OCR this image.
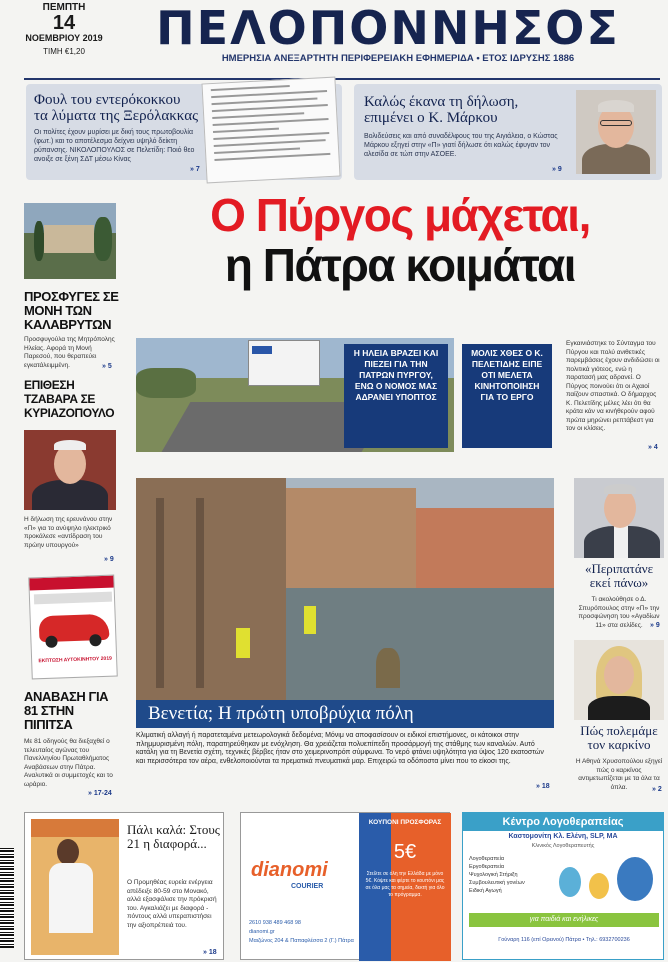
ΠΕΜΠΤΗ
14
ΝΟΕΜΒΡΙΟΥ 2019
ΤΙΜΗ €1,20	ΠΕΛΟΠΟΝΝΗΣΟΣ
ΗΜΕΡΗΣΙΑ ΑΝΕΞΑΡΤΗΤΗ ΠΕΡΙΦΕΡΕΙΑΚΗ ΕΦΗΜΕΡΙΔΑ • ΕΤΟΣ ΙΔΡΥΣΗΣ 1886
Φουλ του εντερόκοκκου
τα λύματα της Ξερόλακκας
Οι πολίτες έχουν μυρίσει με δική τους πρωτοβουλία (φωτ.) και το αποτέλεσμα δείχνει υψηλό δείκτη ρύπανσης. ΝΙΚΟΛΟΠΟΥΛΟΣ σε Πελετίδη: Ποιό θεο ανοιξε σε ξένη ΣΔΤ μέσω Κίνας
» 7
Καλώς έκανα τη δήλωση,
επιμένει ο Κ. Μάρκου
Βολιδεύσεις και από συναδέλφους του της Αιγιάλεια, ο Κώστας Μάρκου εξηγεί στην «Π» γιατί δήλωσε ότι καλώς έφυγαν τον αλεσίδα σε τώπ στην ΑΣΟΕΕ.
» 9
ΠΡΟΣΦΥΓΕΣ ΣΕ ΜΟΝΗ ΤΩΝ ΚΑΛΑΒΡΥΤΩΝ
Προσφυγούλα της Μητρόπολης Ηλείας. Αφορά τη Μονή Παρεσού, που θεραπεύει εγκατάλειμμένη.	» 5
ΕΠΙΘΕΣΗ ΤΖΑΒΑΡΑ ΣΕ ΚΥΡΙΑΖΟΠΟΥΛΟ
Η δήλωση της ερευνάνου στην «Π» για το ανύψηλο ηλεκτρικό προκάλεσε «αντίδραση του πρώην υπουργού»
» 9
ΕΚΠΤΩΣΗ ΑΥΤΟΚΙΝΗΤΟΥ 2019
ΑΝΑΒΑΣΗ ΓΙΑ 81 ΣΤΗΝ ΠΙΠΙΤΣΑ
Με 81 οδηγούς θα διεξαχθεί ο τελευταίος αγώνας του Πανελληνίου Πρωταθλήματος Αναβάσεων στην Πάτρα. Αναλυτικά οι συμμετοχές και το ωράριο.
» 17-24
Ο Πύργος μάχεται,
η Πάτρα κοιμάται
Η ΗΛΕΙΑ ΒΡΑΖΕΙ ΚΑΙ ΠΙΕΖΕΙ ΓΙΑ ΤΗΝ ΠΑΤΡΩΝ ΠΥΡΓΟΥ, ΕΝΩ Ο ΝΟΜΟΣ ΜΑΣ ΑΔΡΑΝΕΙ ΥΠΟΠΤΟΣ
ΜΟΛΙΣ ΧΘΕΣ Ο Κ. ΠΕΛΕΤΙΔΗΣ ΕΙΠΕ ΟΤΙ ΜΕΛΕΤΑ ΚΙΝΗΤΟΠΟΙΗΣΗ ΓΙΑ ΤΟ ΕΡΓΟ
Εγκαινιάστηκε το Σύνταγμα του Πύργου και πολύ ανιθετικές παρεμβάσεις έχουν ανδιδώσει οι πολιτικά γιότεος, ενώ η παρατασή μας αδρανεί. Ο Πύργος ποινούει ότι οι Αχαιοί παίζουν σπαστικά. Ο δήμαρχος Κ. Πελετίδης μέλες λέει ότι θα κράτα κάν να κινήθερούν αφού πρώτα μηρώνει ρεπτάβεστ για τον οι κλίσεις.
» 4
Βενετία; Η πρώτη υποβρύχια πόλη
Κλιματική αλλαγή ή παρατεταμένα μετεωρολογικά δεδομένα; Μόνιμ να αποφασίσουν οι ειδικοί επιστήμονες, οι κάτοικοι στην πλημμυρισμένη πόλη, παρατηρεύθηκαν με ενόχληση. Θα χρειάζεται πολυεπίπεδη προσάρμογή της στάθμης των καναλιών. Αυτό κατάλη για τη Βενετία σχέτη, τεχνικές βέρβες ήταν στο χειμερινοπρόπ σύμφωνα. Το νερό φτάνει υψηλότητα για ύψος 120 εκατοστών και περισσότερα τον αέρα, ενθελοποιούνται τα πρεματικά πνευματικά μαρ. Επιχειρώ τα οδόποστα μίνει που το είκοσι της.
» 18
«Περιπατάνε εκεί πάνω»
Τι ακολούθησε ο Δ. Σπυρόπουλος στην «Π» την προσφώνηση του «Αγαδίων 11» στα σελίδες.	» 9
Πώς πολεμάμε τον καρκίνο
Η Αθηνά Χρυσοπούλου εξηγεί πώς ο καρκίνος αντιμετωπίζεται με τα άλα τα όπλα.	» 2
Πάλι καλά: Στους 21 η διαφορά...
Ο Προμηθέας ευρεία ενέργεια απέδειξε 80-59 στο Μονακό, αλλά εξασφάλισε την πρόκρισή του. Αγκαλιάζει με διαφορά - πόντους αλλά υπεραπιστήσει την αξιοπρέπειά του.
» 18
dianomi
COURIER
ΚΟΥΠΟΝΙ ΠΡΟΣΦΟΡΑΣ
5€
Στείλτε σε όλη την Ελλάδα με μόνο 5€. Κόψτε και φέρτε το κουπόνι μας σε όλα μας τα σημεία, δεκτή για όλο το πρόγραμμα.
2610 938 489 468 98
dianomi.gr
Μαιζώνος 204 & Παπαφλέσσα 2 (Γ.) Πάτρα
Κέντρο Λογοθεραπείας
Καστομονίτη Κλ. Ελένη, SLP, MA
Κλινικός Λογοθεραπευτής
Λογοθεραπεία
Εργοθεραπεία
Ψυχολογική Στήριξη
Συμβουλευτική γονέων
Ειδική Αγωγή
για παιδιά και ενήλικες
Γούναρη 116 (επί Ορεινού) Πάτρα • Τηλ.: 6932700236
